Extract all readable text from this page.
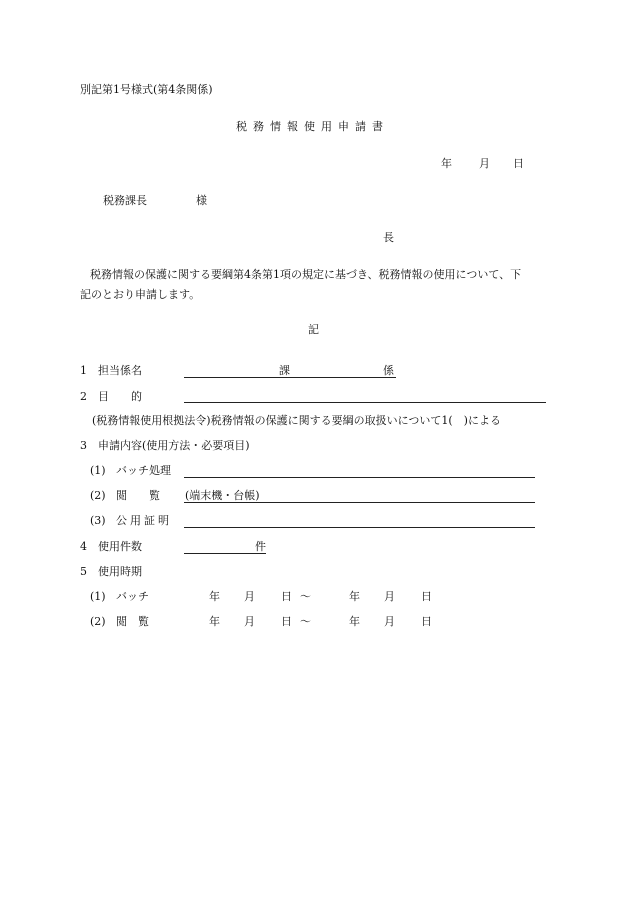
別記第1号様式(第4条関係)
税務情報使用申請書
年 月 日
税務課長	様
長
税務情報の保護に関する要綱第4条第1項の規定に基づき、税務情報の使用について、下
記のとおり申請します。
記
1 担当係名	課	係
2 目 的
(税務情報使用根拠法令)税務情報の保護に関する要綱の取扱いについて1(　)による
3 申請内容(使用方法・必要項目)
(1) バッチ処理
(2) 閲　　覧 (端末機・台帳)
(3) 公用証明
4 使用件数	件
5 使用時期
(1) バッチ	年 月 日 ～	年 月 日
(2) 閲　覧	年 月 日 ～	年 月 日
